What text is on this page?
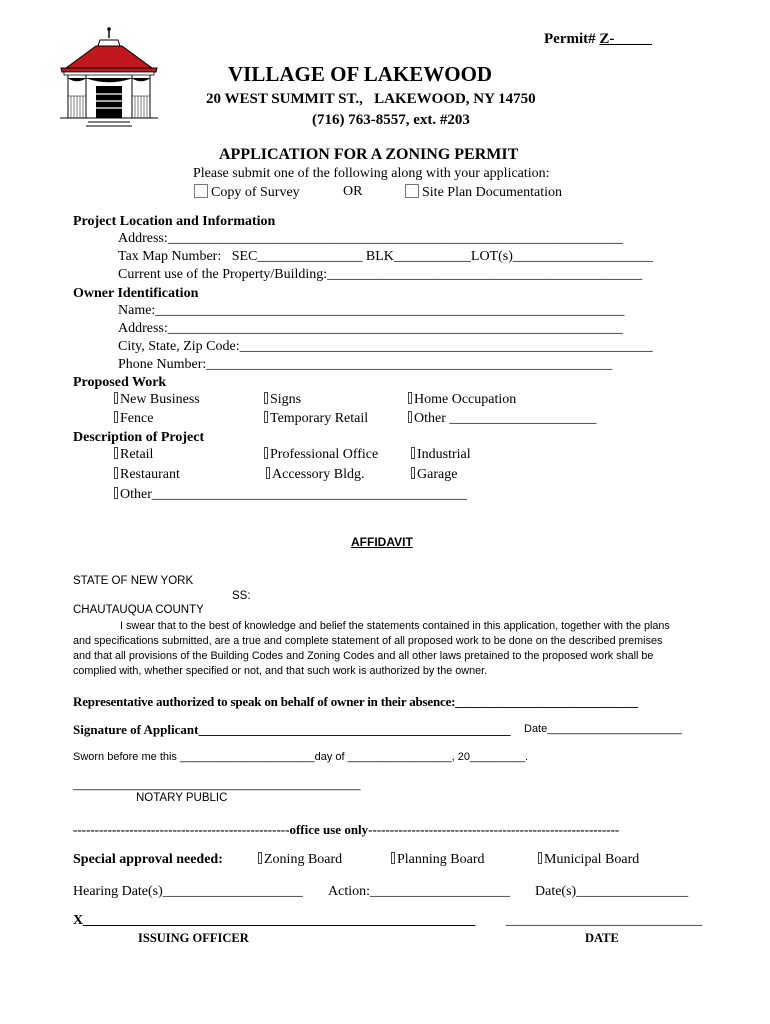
Permit# Z-_____
VILLAGE OF LAKEWOOD
20 WEST SUMMIT ST.,   LAKEWOOD, NY 14750
(716) 763-8557, ext. #203
APPLICATION FOR A ZONING PERMIT
Please submit one of the following along with your application:
Copy of Survey	OR	Site Plan Documentation
Project Location and Information
Address:_________________________________________________________________
Tax Map Number:   SEC_______________ BLK___________LOT(s)____________________
Current use of the Property/Building:_____________________________________________
Owner Identification
Name:___________________________________________________________________
Address:_________________________________________________________________
City, State, Zip Code:___________________________________________________________
Phone Number:__________________________________________________________
Proposed Work
New Business	Signs	Home Occupation
Fence	Temporary Retail	Other _____________________
Description of Project
Retail	Professional Office	Industrial
Restaurant	Accessory Bldg.	Garage
Other_____________________________________________
AFFIDAVIT
STATE OF NEW YORK
SS:
CHAUTAUQUA COUNTY
I swear that to the best of knowledge and belief the statements contained in this application, together with the plans
and specifications submitted, are a true and complete statement of all proposed work to be done on the described premises
and that all provisions of the Building Codes and Zoning Codes and all other laws pretained to the proposed work shall be
complied with, whether specified or not, and that such work is authorized by the owner.
Representative authorized to speak on behalf of owner in their absence:_____________________________
Signature of Applicant________________________________________________ Date______________________
Sworn before me this ______________________day of _________________, 20_________.
_______________________________________________
NOTARY PUBLIC
--------------------------------------------------office use only----------------------------------------------------------
Special approval needed:	Zoning Board	Planning Board	Municipal Board
Hearing Date(s)____________________ Action:____________________ Date(s)________________
X________________________________________________________ ____________________________
ISSUING OFFICER	DATE
